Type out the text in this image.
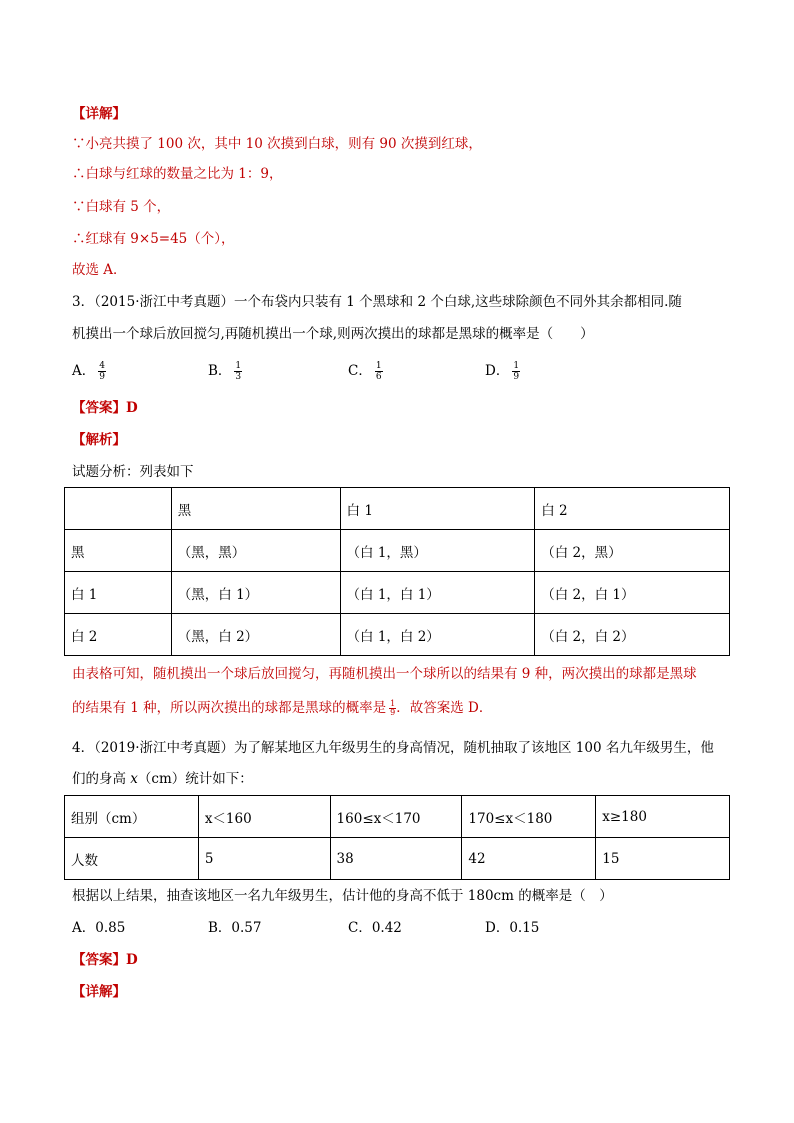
【详解】
∵小亮共摸了 100 次，其中 10 次摸到白球，则有 90 次摸到红球，
∴白球与红球的数量之比为 1：9，
∵白球有 5 个，
∴红球有 9×5=45（个），
故选 A．
3．（2015·浙江中考真题）一个布袋内只装有 1 个黑球和 2 个白球,这些球除颜色不同外其余都相同.随
机摸出一个球后放回搅匀,再随机摸出一个球,则两次摸出的球都是黑球的概率是（　　）
A． $\frac{4}{9}$	B． $\frac{1}{3}$	C． $\frac{1}{6}$	D． $\frac{1}{9}$
【答案】D
【解析】
试题分析：列表如下
	黑	白 1	白 2
黑	（黑，黑）	（白 1，黑）	（白 2，黑）
白 1	（黑，白 1）	（白 1，白 1）	（白 2，白 1）
白 2	（黑，白 2）	（白 1，白 2）	（白 2，白 2）
由表格可知，随机摸出一个球后放回搅匀，再随机摸出一个球所以的结果有 9 种，两次摸出的球都是黑球
的结果有 1 种，所以两次摸出的球都是黑球的概率是 $\frac{1}{9}$ ．故答案选 D．
4．（2019·浙江中考真题）为了解某地区九年级男生的身高情况，随机抽取了该地区 100 名九年级男生，他
们的身高 x（cm）统计如下：
组别（cm）	x＜160	160≤x＜170	170≤x＜180	x≥180
人数	5	38	42	15
根据以上结果，抽查该地区一名九年级男生，估计他的身高不低于 180cm 的概率是（　）
A．0.85	B．0.57	C．0.42	D．0.15
【答案】D
【详解】
